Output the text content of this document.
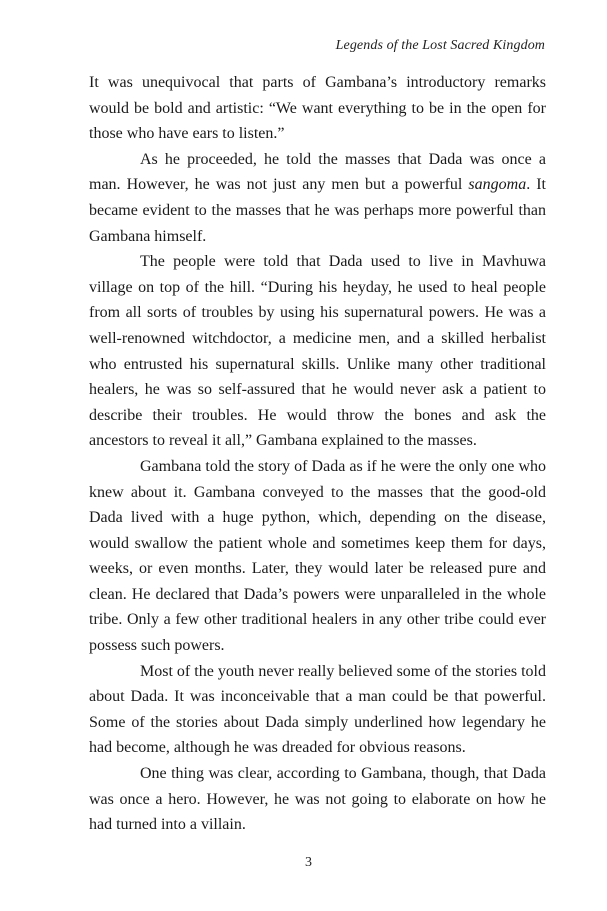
Legends of the Lost Sacred Kingdom

It was unequivocal that parts of Gambana’s introductory remarks would be bold and artistic: “We want everything to be in the open for those who have ears to listen.”

As he proceeded, he told the masses that Dada was once a man. However, he was not just any men but a powerful sangoma. It became evident to the masses that he was perhaps more powerful than Gambana himself.

The people were told that Dada used to live in Mavhuwa village on top of the hill. “During his heyday, he used to heal people from all sorts of troubles by using his supernatural powers. He was a well-renowned witchdoctor, a medicine men, and a skilled herbalist who entrusted his supernatural skills. Unlike many other traditional healers, he was so self-assured that he would never ask a patient to describe their troubles. He would throw the bones and ask the ancestors to reveal it all,” Gambana explained to the masses.

Gambana told the story of Dada as if he were the only one who knew about it. Gambana conveyed to the masses that the good-old Dada lived with a huge python, which, depending on the disease, would swallow the patient whole and sometimes keep them for days, weeks, or even months. Later, they would later be released pure and clean. He declared that Dada’s powers were unparalleled in the whole tribe. Only a few other traditional healers in any other tribe could ever possess such powers.

Most of the youth never really believed some of the stories told about Dada. It was inconceivable that a man could be that powerful. Some of the stories about Dada simply underlined how legendary he had become, although he was dreaded for obvious reasons.

One thing was clear, according to Gambana, though, that Dada was once a hero. However, he was not going to elaborate on how he had turned into a villain.

3
